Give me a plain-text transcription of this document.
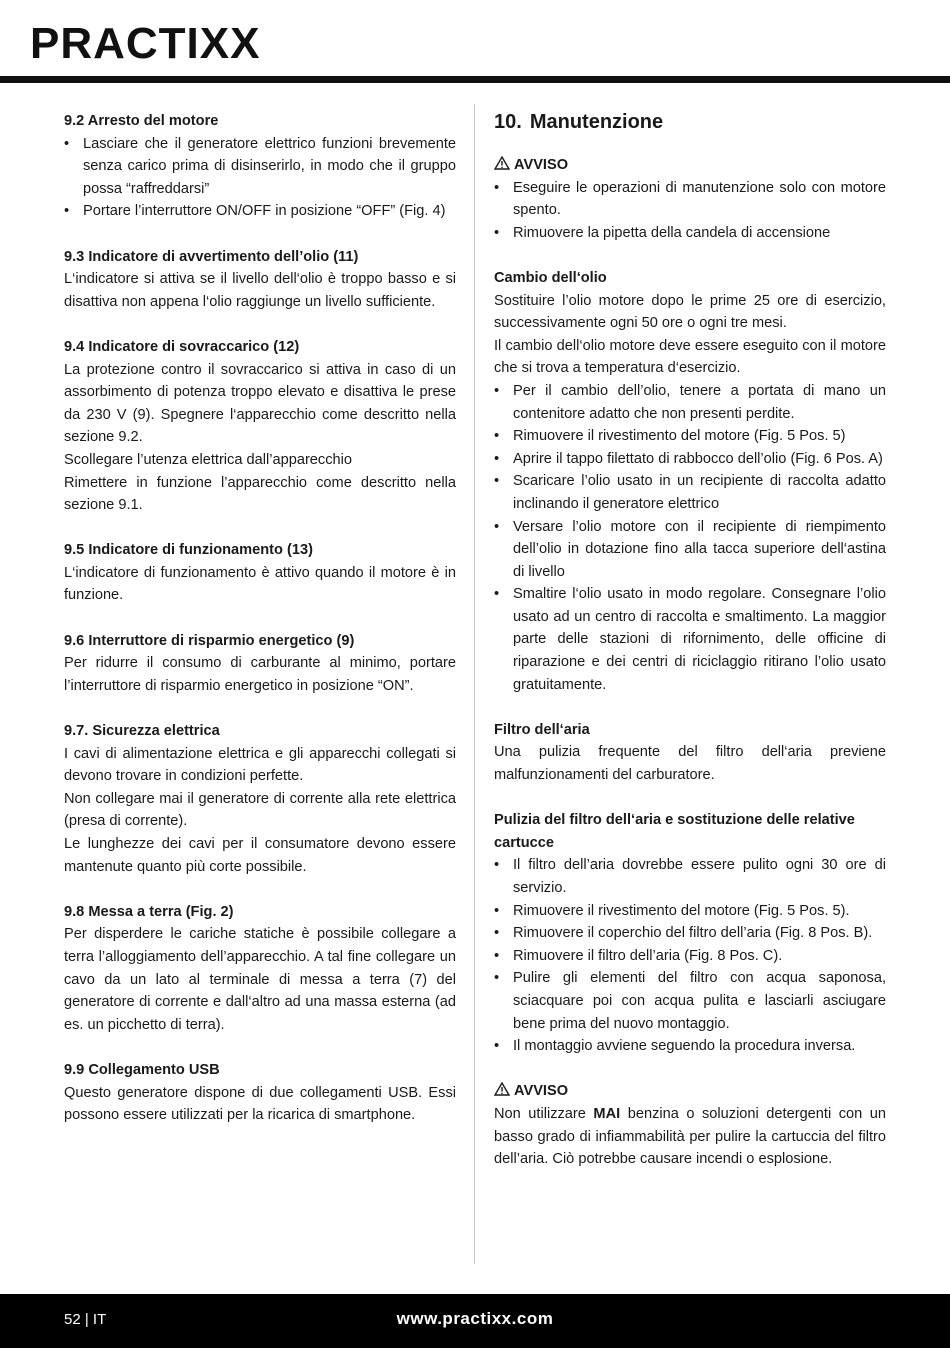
PRACTIXX
9.2 Arresto del motore
• Lasciare che il generatore elettrico funzioni brevemente senza carico prima di disinserirlo, in modo che il gruppo possa “raffreddarsi”
• Portare l’interruttore ON/OFF in posizione “OFF” (Fig. 4)
9.3 Indicatore di avvertimento dell’olio (11)

L‘indicatore si attiva se il livello dell‘olio è troppo basso e si disattiva non appena l‘olio raggiunge un livello sufficiente.

9.4 Indicatore di sovraccarico (12)

La protezione contro il sovraccarico si attiva in caso di un assorbimento di potenza troppo elevato e disattiva le prese da 230 V (9). Spegnere l‘apparecchio come descritto nella sezione 9.2.

Scollegare l’utenza elettrica dall’apparecchio

Rimettere in funzione l’apparecchio come descritto nella sezione 9.1.

9.5 Indicatore di funzionamento (13)

L‘indicatore di funzionamento è attivo quando il motore è in funzione.

9.6 Interruttore di risparmio energetico (9)

Per ridurre il consumo di carburante al minimo, portare l’interruttore di risparmio energetico in posizione “ON”.

9.7. Sicurezza elettrica

I cavi di alimentazione elettrica e gli apparecchi collegati si devono trovare in condizioni perfette.

Non collegare mai il generatore di corrente alla rete elettrica (presa di corrente).

Le lunghezze dei cavi per il consumatore devono essere mantenute quanto più corte possibile.

9.8 Messa a terra (Fig. 2)

Per disperdere le cariche statiche è possibile collegare a terra l’alloggiamento dell’apparecchio. A tal fine collegare un cavo da un lato al terminale di messa a terra (7) del generatore di corrente e dall‘altro ad una massa esterna (ad es. un picchetto di terra).

9.9 Collegamento USB

Questo generatore dispone di due collegamenti USB. Essi possono essere utilizzati per la ricarica di smartphone.

10. Manutenzione
AVVISO
• Eseguire le operazioni di manutenzione solo con motore spento.
• Rimuovere la pipetta della candela di accensione
Cambio dell‘olio

Sostituire l’olio motore dopo le prime 25 ore di esercizio, successivamente ogni 50 ore o ogni tre mesi.

Il cambio dell‘olio motore deve essere eseguito con il motore che si trova a temperatura d‘esercizio.

• Per il cambio dell’olio, tenere a portata di mano un contenitore adatto che non presenti perdite.
• Rimuovere il rivestimento del motore (Fig. 5 Pos. 5)
• Aprire il tappo filettato di rabbocco dell’olio (Fig. 6 Pos. A)
• Scaricare l’olio usato in un recipiente di raccolta adatto inclinando il generatore elettrico
• Versare l’olio motore con il recipiente di riempimento dell’olio in dotazione fino alla tacca superiore dell‘astina di livello
• Smaltire l‘olio usato in modo regolare. Consegnare l’olio usato ad un centro di raccolta e smaltimento. La maggior parte delle stazioni di rifornimento, delle officine di riparazione e dei centri di riciclaggio ritirano l’olio usato gratuitamente.
Filtro dell‘aria

Una pulizia frequente del filtro dell‘aria previene malfunzionamenti del carburatore.

Pulizia del filtro dell‘aria e sostituzione delle relative cartucce
• Il filtro dell’aria dovrebbe essere pulito ogni 30 ore di servizio.
• Rimuovere il rivestimento del motore (Fig. 5 Pos. 5).
• Rimuovere il coperchio del filtro dell’aria (Fig. 8 Pos. B).
• Rimuovere il filtro dell’aria (Fig. 8 Pos. C).
• Pulire gli elementi del filtro con acqua saponosa, sciacquare poi con acqua pulita e lasciarli asciugare bene prima del nuovo montaggio.
• Il montaggio avviene seguendo la procedura inversa.
AVVISO

Non utilizzare MAI benzina o soluzioni detergenti con un basso grado di infiammabilità per pulire la cartuccia del filtro dell’aria. Ciò potrebbe causare incendi o esplosione.

52 | IT	www.practixx.com
